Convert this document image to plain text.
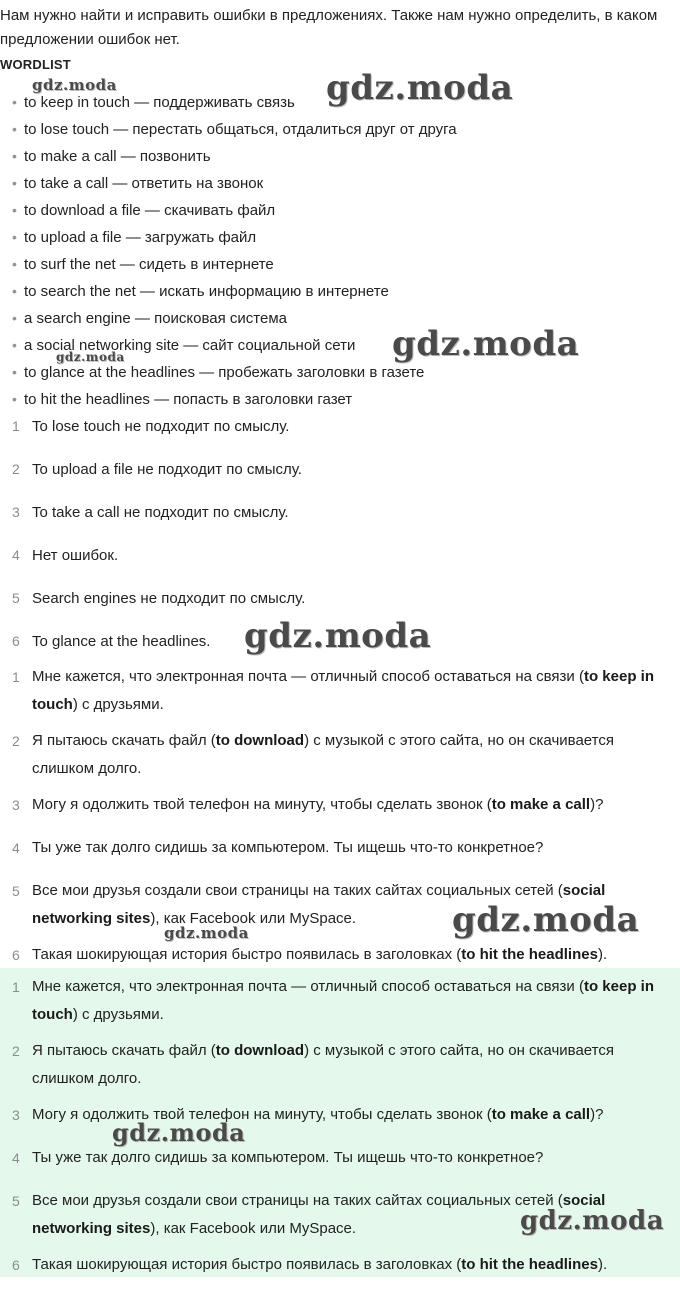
Нам нужно найти и исправить ошибки в предложениях. Также нам нужно определить, в каком предложении ошибок нет.

WORDLIST
• to keep in touch — поддерживать связь
• to lose touch — перестать общаться, отдалиться друг от друга
• to make a call — позвонить
• to take a call — ответить на звонок
• to download a file — скачивать файл
• to upload a file — загружать файл
• to surf the net — сидеть в интернете
• to search the net — искать информацию в интернете
• a search engine — поисковая система
• a social networking site — сайт социальной сети
• to glance at the headlines — пробежать заголовки в газете
• to hit the headlines — попасть в заголовки газет
1 To lose touch не подходит по смыслу.
2 To upload a file не подходит по смыслу.
3 To take a call не подходит по смыслу.
4 Нет ошибок.
5 Search engines не подходит по смыслу.
6 To glance at the headlines.
1 Мне кажется, что электронная почта — отличный способ оставаться на связи (to keep in touch) с друзьями.
2 Я пытаюсь скачать файл (to download) с музыкой с этого сайта, но он скачивается слишком долго.
3 Могу я одолжить твой телефон на минуту, чтобы сделать звонок (to make a call)?
4 Ты уже так долго сидишь за компьютером. Ты ищешь что-то конкретное?
5 Все мои друзья создали свои страницы на таких сайтах социальных сетей (social networking sites), как Facebook или MySpace.
6 Такая шокирующая история быстро появилась в заголовках (to hit the headlines).
1 Мне кажется, что электронная почта — отличный способ оставаться на связи (to keep in touch) с друзьями.
2 Я пытаюсь скачать файл (to download) с музыкой с этого сайта, но он скачивается слишком долго.
3 Могу я одолжить твой телефон на минуту, чтобы сделать звонок (to make a call)?
4 Ты уже так долго сидишь за компьютером. Ты ищешь что-то конкретное?
5 Все мои друзья создали свои страницы на таких сайтах социальных сетей (social networking sites), как Facebook или MySpace.
6 Такая шокирующая история быстро появилась в заголовках (to hit the headlines).
gdz.moda	gdz.moda
gdz.moda
gdz.moda
gdz.moda
gdz.moda
gdz.moda
gdz.moda
gdz.moda
